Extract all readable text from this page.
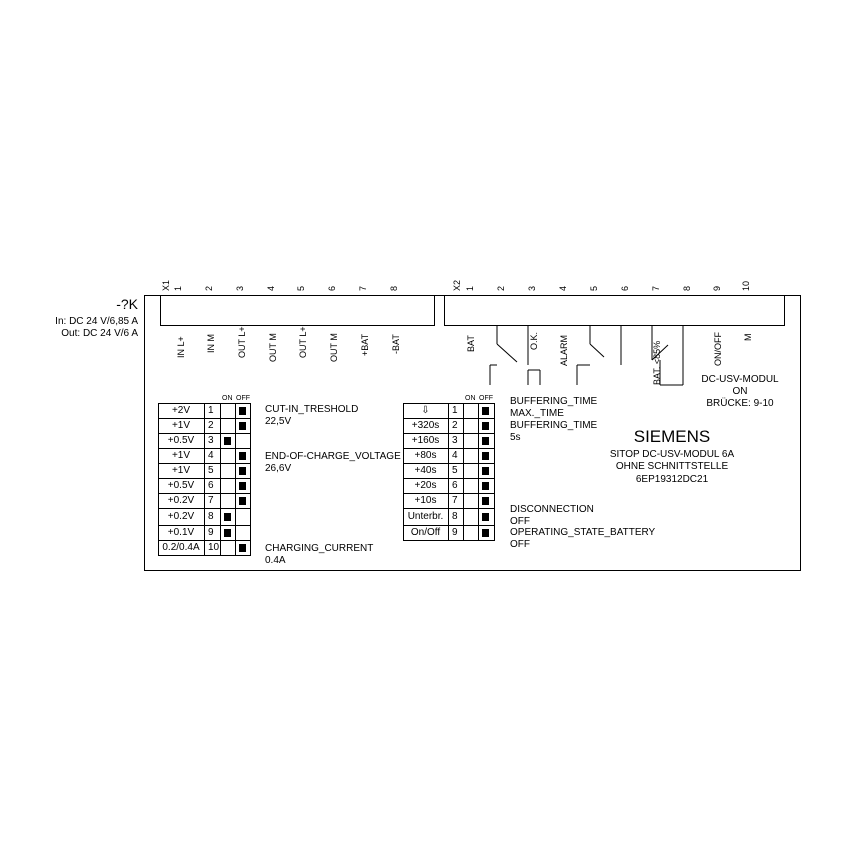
-?K
In: DC 24 V/6,85 A
Out: DC 24 V/6 A
X1 1 2 3 4 5 6 7 8
IN L+ IN M OUT L+ OUT M OUT L+ OUT M +BAT -BAT
X2 1 2 3 4 5 6 7 8 9 10
BAT	O.K. ALARM	BAT. <85%	ON/OFF M
DC-USV-MODUL
ON
BRÜCKE: 9-10
SIEMENS
SITOP DC-USV-MODUL 6A
OHNE SCHNITTSTELLE
6EP19312DC21
ON OFF
+2V	1
+1V	2
+0.5V	3
+1V	4
+1V	5
+0.5V	6
+0.2V	7
+0.2V	8
+0.1V	9
0.2/0.4A 10
CUT-IN_TRESHOLD
22,5V
END-OF-CHARGE_VOLTAGE
26,6V
CHARGING_CURRENT
0.4A
ON OFF
⇩	1
+320s	2
+160s	3
+80s	4
+40s	5
+20s	6
+10s	7
Unterbr. 8
On/Off	9
BUFFERING_TIME
MAX._TIME
BUFFERING_TIME
5s
DISCONNECTION
OFF
OPERATING_STATE_BATTERY
OFF
